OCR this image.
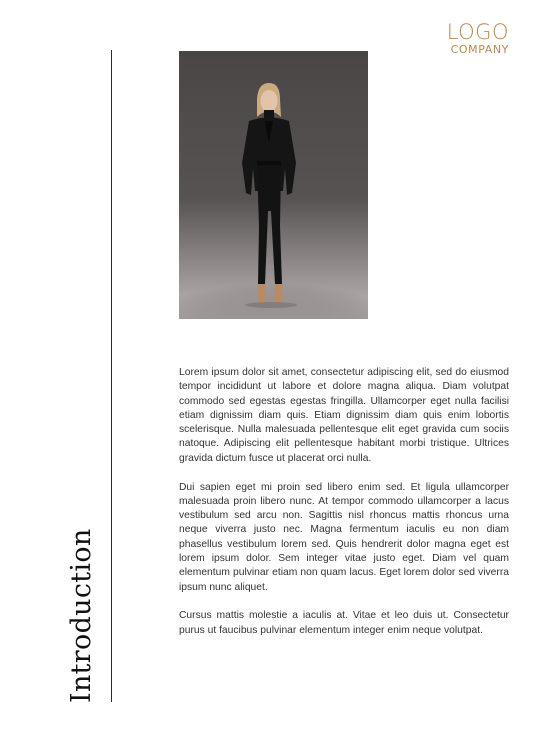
LOGO
COMPANY
Introduction

Lorem ipsum dolor sit amet, consectetur adipiscing elit, sed do eiusmod tempor incididunt ut labore et dolore magna aliqua. Diam volutpat commodo sed egestas egestas fringilla. Ullamcorper eget nulla facilisi etiam dignissim diam quis. Etiam dignissim diam quis enim lobortis scelerisque. Nulla malesuada pellentesque elit eget gravida cum sociis natoque. Adipiscing elit pellentesque habitant morbi tristique. Ultrices gravida dictum fusce ut placerat orci nulla.

Dui sapien eget mi proin sed libero enim sed. Et ligula ullamcorper malesuada proin libero nunc. At tempor commodo ullamcorper a lacus vestibulum sed arcu non. Sagittis nisl rhoncus mattis rhoncus urna neque viverra justo nec. Magna fermentum iaculis eu non diam phasellus vestibulum lorem sed. Quis hendrerit dolor magna eget est lorem ipsum dolor. Sem integer vitae justo eget. Diam vel quam elementum pulvinar etiam non quam lacus. Eget lorem dolor sed viverra ipsum nunc aliquet.

Cursus mattis molestie a iaculis at. Vitae et leo duis ut. Consectetur purus ut faucibus pulvinar elementum integer enim neque volutpat.
